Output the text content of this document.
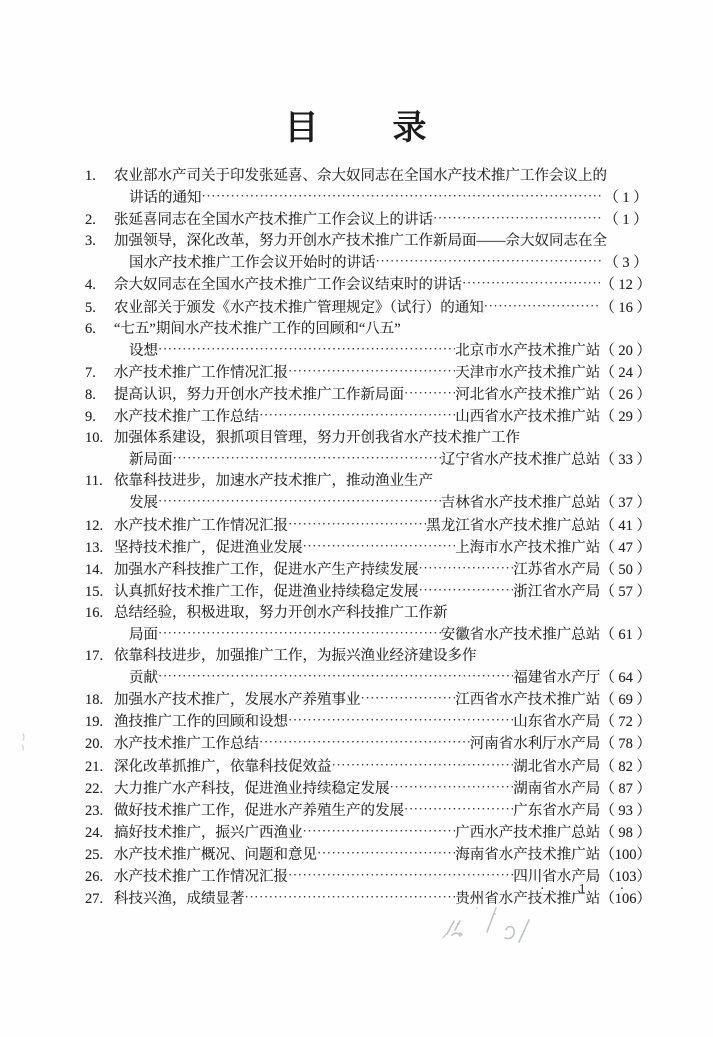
目　　录
1.	农业部水产司关于印发张延喜、佘大奴同志在全国水产技术推广工作会议上的
讲话的通知 ·····	（ 1 ）
2.	张延喜同志在全国水产技术推广工作会议上的讲话 ·····	（ 1 ）
3.	加强领导，深化改革，努力开创水产技术推广工作新局面——佘大奴同志在全
国水产技术推广工作会议开始时的讲话 ·····	（ 3 ）
4.	佘大奴同志在全国水产技术推广工作会议结束时的讲话 ·····	（ 12 ）
5.	农业部关于颁发《水产技术推广管理规定》（试行）的通知 ·····	（ 16 ）
6.	“七五”期间水产技术推广工作的回顾和“八五”
设想 ·····	北京市水产技术推广站 （ 20 ）
7.	水产技术推广工作情况汇报 ·····	天津市水产技术推广站 （ 24 ）
8.	提高认识，努力开创水产技术推广工作新局面 ·····	河北省水产技术推广站 （ 26 ）
9.	水产技术推广工作总结 ·····	山西省水产技术推广站 （ 29 ）
10. 加强体系建设，狠抓项目管理，努力开创我省水产技术推广工作
新局面 ·····	辽宁省水产技术推广总站 （ 33 ）
11. 依靠科技进步，加速水产技术推广，推动渔业生产
发展 ·····	吉林省水产技术推广总站 （ 37 ）
12. 水产技术推广工作情况汇报 ·····	黑龙江省水产技术推广总站 （ 41 ）
13. 坚持技术推广，促进渔业发展 ·····	上海市水产技术推广站 （ 47 ）
14. 加强水产科技推广工作，促进水产生产持续发展 ·····	江苏省水产局 （ 50 ）
15. 认真抓好技术推广工作，促进渔业持续稳定发展 ·····	浙江省水产局 （ 57 ）
16. 总结经验，积极进取，努力开创水产科技推广工作新
局面 ·····	安徽省水产技术推广总站 （ 61 ）
17. 依靠科技进步，加强推广工作，为振兴渔业经济建设多作
贡献 ·····	福建省水产厅 （ 64 ）
18. 加强水产技术推广，发展水产养殖事业 ·····	江西省水产技术推广站 （ 69 ）
19. 渔技推广工作的回顾和设想 ·····	山东省水产局 （ 72 ）
20. 水产技术推广工作总结 ·····	河南省水利厅水产局 （ 78 ）
21. 深化改革抓推广，依靠科技促效益 ·····	湖北省水产局 （ 82 ）
22. 大力推广水产科技，促进渔业持续稳定发展 ·····	湖南省水产局 （ 87 ）
23. 做好技术推广工作，促进水产养殖生产的发展 ·····	广东省水产局 （ 93 ）
24. 搞好技术推广，振兴广西渔业 ·····	广西水产技术推广总站 （ 98 ）
25. 水产技术推广概况、问题和意见 ·····	海南省水产技术推广站 （100）
26. 水产技术推广工作情况汇报 ·····	四川省水产局 （103）
27. 科技兴渔，成绩显著 ·····	贵州省水产技术推广站 （106）
·  1  ·
